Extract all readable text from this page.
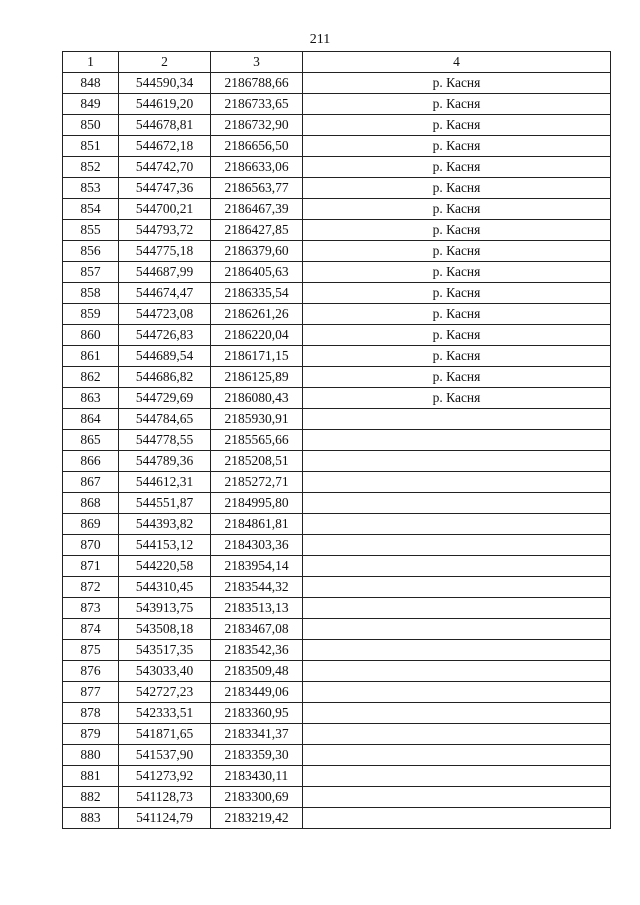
211
1	2	3	4
848	544590,34	2186788,66	р. Касня
849	544619,20	2186733,65	р. Касня
850	544678,81	2186732,90	р. Касня
851	544672,18	2186656,50	р. Касня
852	544742,70	2186633,06	р. Касня
853	544747,36	2186563,77	р. Касня
854	544700,21	2186467,39	р. Касня
855	544793,72	2186427,85	р. Касня
856	544775,18	2186379,60	р. Касня
857	544687,99	2186405,63	р. Касня
858	544674,47	2186335,54	р. Касня
859	544723,08	2186261,26	р. Касня
860	544726,83	2186220,04	р. Касня
861	544689,54	2186171,15	р. Касня
862	544686,82	2186125,89	р. Касня
863	544729,69	2186080,43	р. Касня
864	544784,65	2185930,91	
865	544778,55	2185565,66	
866	544789,36	2185208,51	
867	544612,31	2185272,71	
868	544551,87	2184995,80	
869	544393,82	2184861,81	
870	544153,12	2184303,36	
871	544220,58	2183954,14	
872	544310,45	2183544,32	
873	543913,75	2183513,13	
874	543508,18	2183467,08	
875	543517,35	2183542,36	
876	543033,40	2183509,48	
877	542727,23	2183449,06	
878	542333,51	2183360,95	
879	541871,65	2183341,37	
880	541537,90	2183359,30	
881	541273,92	2183430,11	
882	541128,73	2183300,69	
883	541124,79	2183219,42	
